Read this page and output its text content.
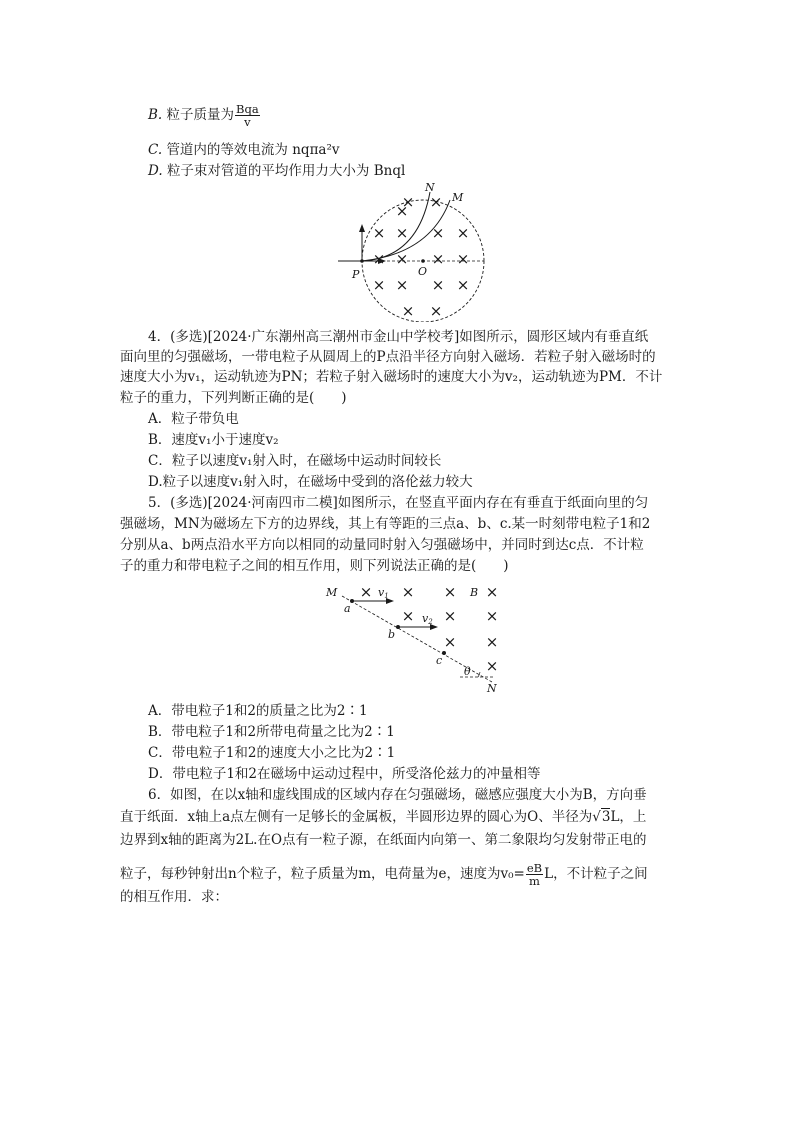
B. 粒子质量为 $\frac{\text{Bqa}}{v}$
C. 管道内的等效电流为 nqπa²v
D. 粒子束对管道的平均作用力大小为 Bnql
×
× × × ×
× × × ×
× × × ×
× ×
× ×
N
M
P	O
4．(多选)[2024·广东潮州高三潮州市金山中学校考]如图所示，圆形区域内有垂直纸
面向里的匀强磁场，一带电粒子从圆周上的P点沿半径方向射入磁场．若粒子射入磁场时的
速度大小为v₁，运动轨迹为PN；若粒子射入磁场时的速度大小为v₂，运动轨迹为PM．不计
粒子的重力，下列判断正确的是(　　)
A．粒子带负电
B．速度v₁小于速度v₂
C．粒子以速度v₁射入时，在磁场中运动时间较长
D.粒子以速度v₁射入时，在磁场中受到的洛伦兹力较大
5．(多选)[2024·河南四市二模]如图所示，在竖直平面内存在有垂直于纸面向里的匀
强磁场，MN为磁场左下方的边界线，其上有等距的三点a、b、c.某一时刻带电粒子1和2
分别从a、b两点沿水平方向以相同的动量同时射入匀强磁场中，并同时到达c点．不计粒
子的重力和带电粒子之间的相互作用，则下列说法正确的是(　　)
× × × ×
× × ×
× ×
×
M
a
b
c
B
N
θ
v1
v2
A．带电粒子1和2的质量之比为2∶1
B．带电粒子1和2所带电荷量之比为2∶1
C．带电粒子1和2的速度大小之比为2∶1
D．带电粒子1和2在磁场中运动过程中，所受洛伦兹力的冲量相等
6．如图，在以x轴和虚线围成的区域内存在匀强磁场，磁感应强度大小为B，方向垂
直于纸面．x轴上a点左侧有一足够长的金属板，半圆形边界的圆心为O、半径为√3L，上
边界到x轴的距离为2L.在O点有一粒子源，在纸面内向第一、第二象限均匀发射带正电的
粒子，每秒钟射出n个粒子，粒子质量为m，电荷量为e，速度为$v_0= \frac{eB}{m}$ L，不计粒子之间
的相互作用．求：
